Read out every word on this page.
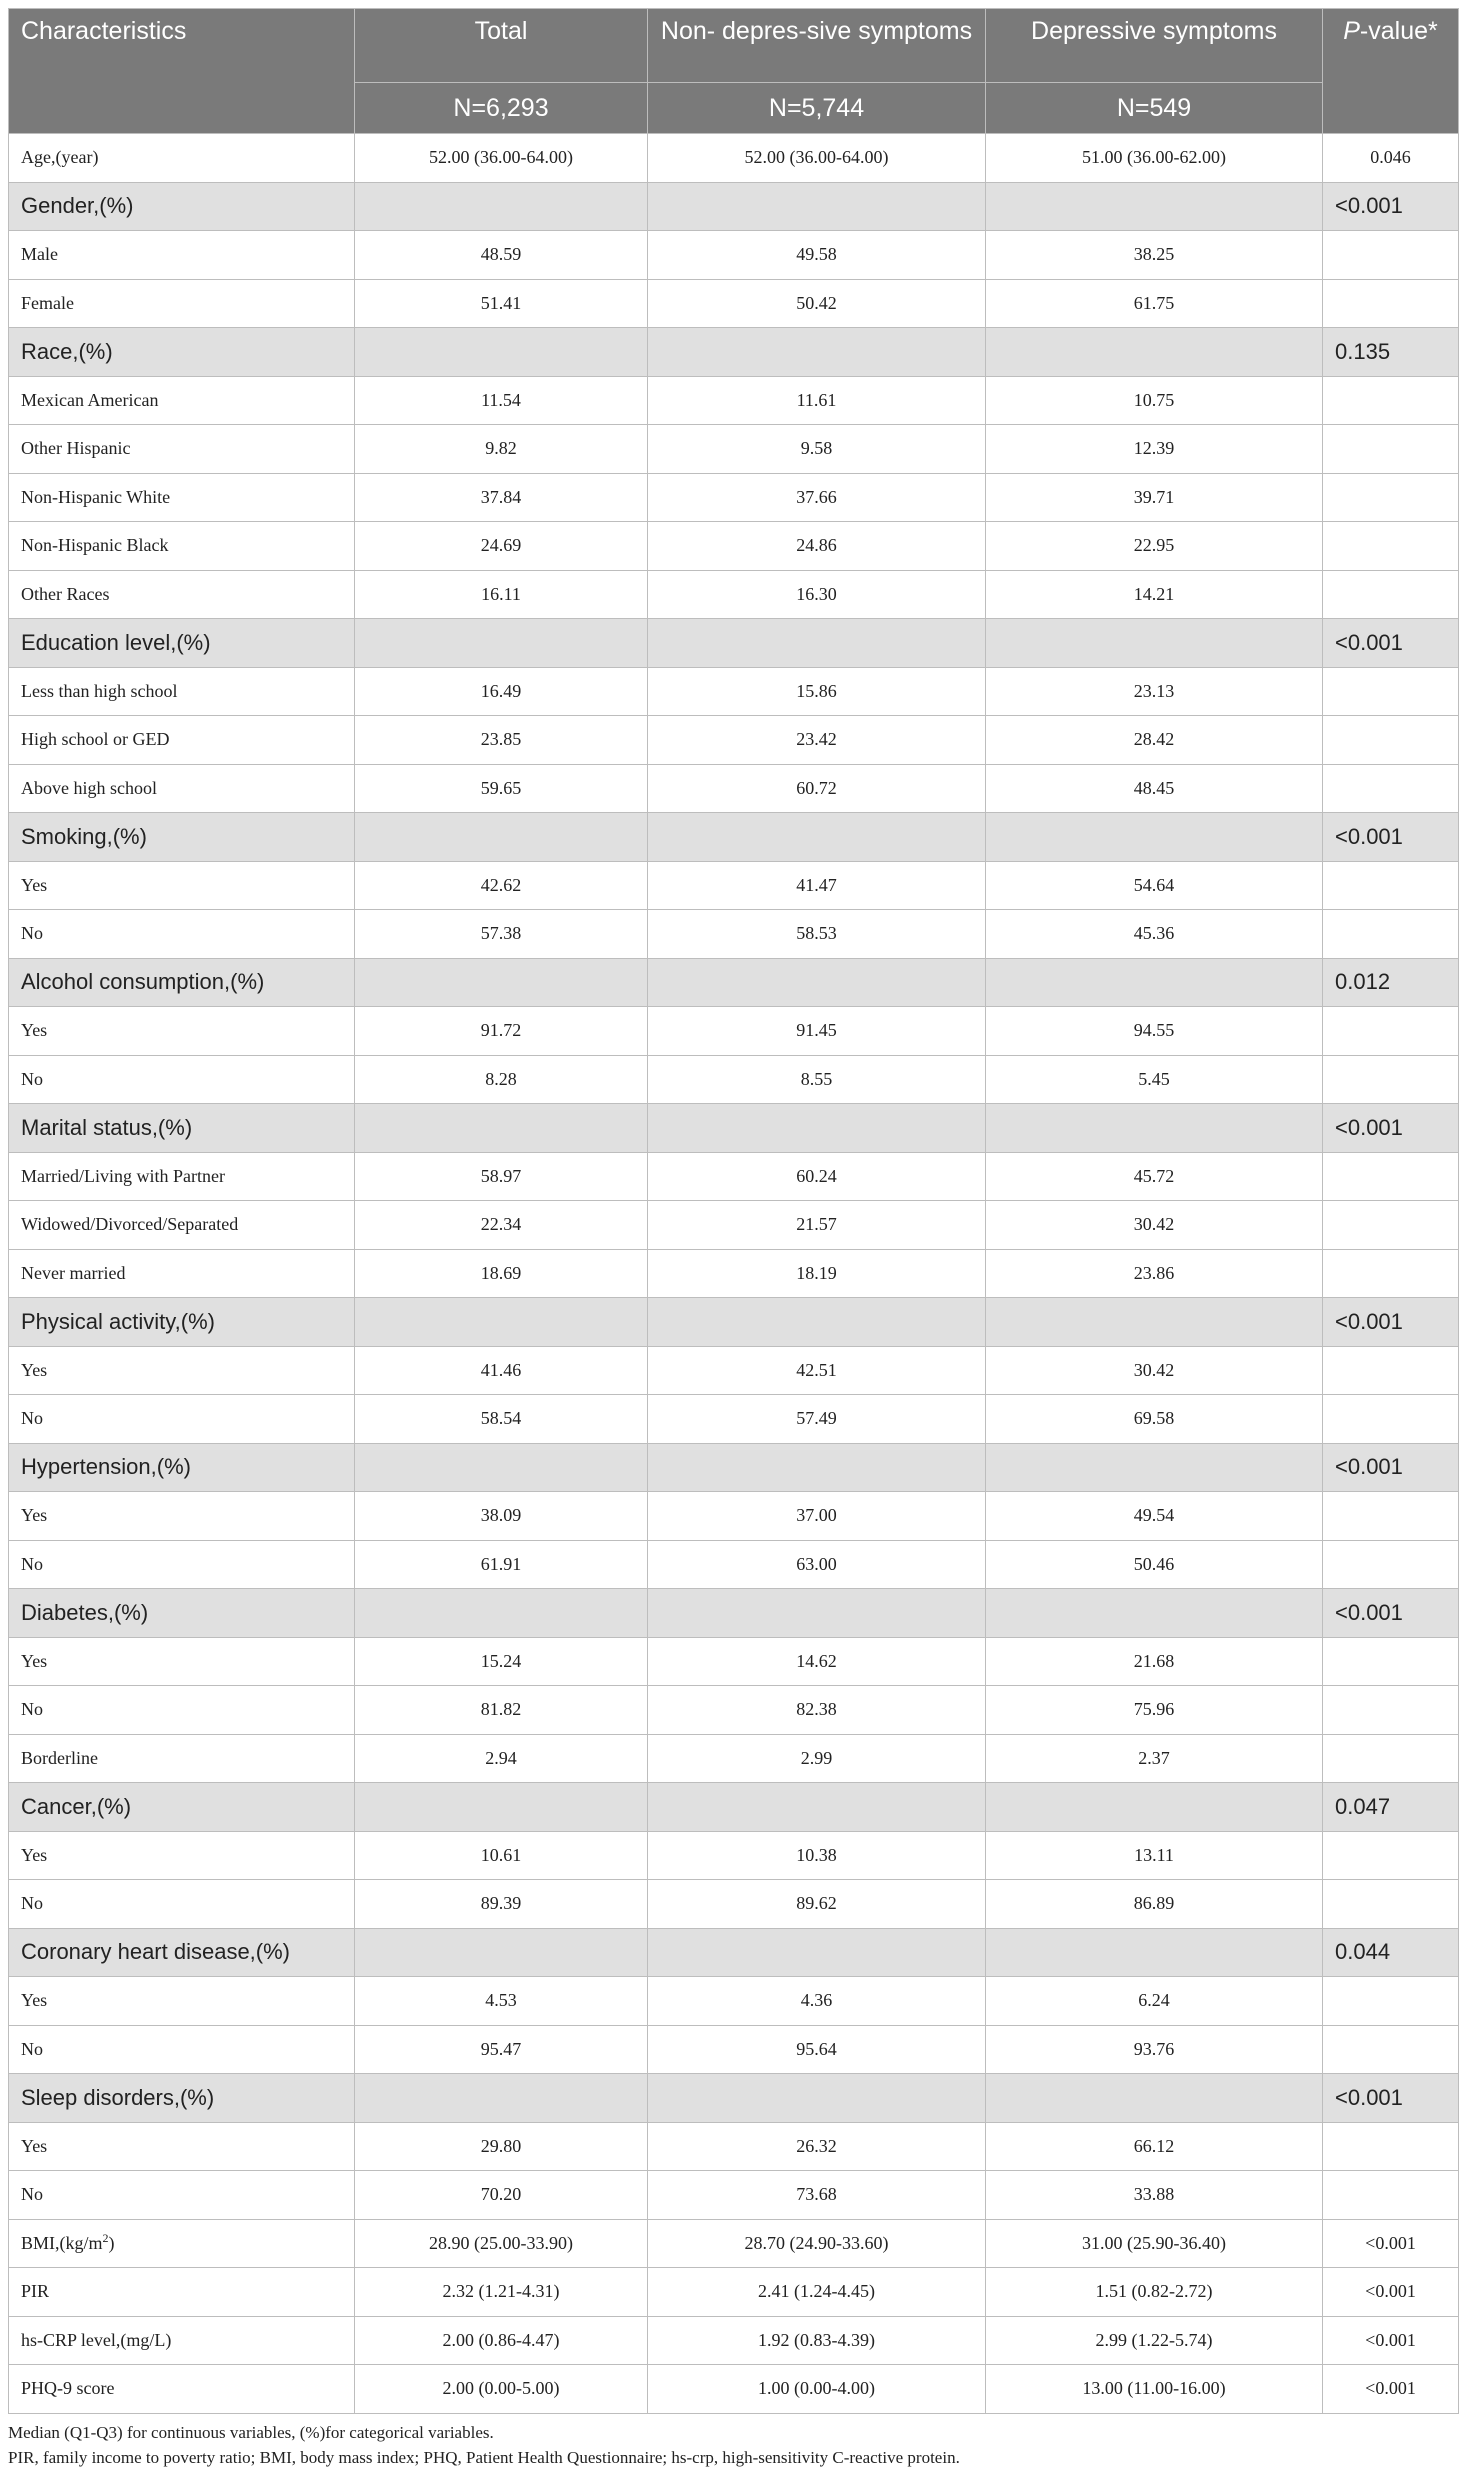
Characteristics	Total	Non- depres-sive symptoms	Depressive symptoms	P-value*
	N=6,293	N=5,744	N=549	
Age,(year)	52.00 (36.00-64.00)	52.00 (36.00-64.00)	51.00 (36.00-62.00)	0.046
Gender,(%)				<0.001
Male	48.59	49.58	38.25	
Female	51.41	50.42	61.75	
Race,(%)				0.135
Mexican American	11.54	11.61	10.75	
Other Hispanic	9.82	9.58	12.39	
Non-Hispanic White	37.84	37.66	39.71	
Non-Hispanic Black	24.69	24.86	22.95	
Other Races	16.11	16.30	14.21	
Education level,(%)				<0.001
Less than high school	16.49	15.86	23.13	
High school or GED	23.85	23.42	28.42	
Above high school	59.65	60.72	48.45	
Smoking,(%)				<0.001
Yes	42.62	41.47	54.64	
No	57.38	58.53	45.36	
Alcohol consumption,(%)				0.012
Yes	91.72	91.45	94.55	
No	8.28	8.55	5.45	
Marital status,(%)				<0.001
Married/Living with Partner	58.97	60.24	45.72	
Widowed/Divorced/Separated	22.34	21.57	30.42	
Never married	18.69	18.19	23.86	
Physical activity,(%)				<0.001
Yes	41.46	42.51	30.42	
No	58.54	57.49	69.58	
Hypertension,(%)				<0.001
Yes	38.09	37.00	49.54	
No	61.91	63.00	50.46	
Diabetes,(%)				<0.001
Yes	15.24	14.62	21.68	
No	81.82	82.38	75.96	
Borderline	2.94	2.99	2.37	
Cancer,(%)				0.047
Yes	10.61	10.38	13.11	
No	89.39	89.62	86.89	
Coronary heart disease,(%)				0.044
Yes	4.53	4.36	6.24	
No	95.47	95.64	93.76	
Sleep disorders,(%)				<0.001
Yes	29.80	26.32	66.12	
No	70.20	73.68	33.88	
$BMI,(kg/m^2)$	28.90 (25.00-33.90)	28.70 (24.90-33.60)	31.00 (25.90-36.40)	<0.001
PIR	2.32 (1.21-4.31)	2.41 (1.24-4.45)	1.51 (0.82-2.72)	<0.001
hs-CRP level,(mg/L)	2.00 (0.86-4.47)	1.92 (0.83-4.39)	2.99 (1.22-5.74)	<0.001
PHQ-9 score	2.00 (0.00-5.00)	1.00 (0.00-4.00)	13.00 (11.00-16.00)	<0.001
Median (Q1-Q3) for continuous variables, (%)for categorical variables.
PIR, family income to poverty ratio; BMI, body mass index; PHQ, Patient Health Questionnaire; hs-crp, high-sensitivity C-reactive protein.
